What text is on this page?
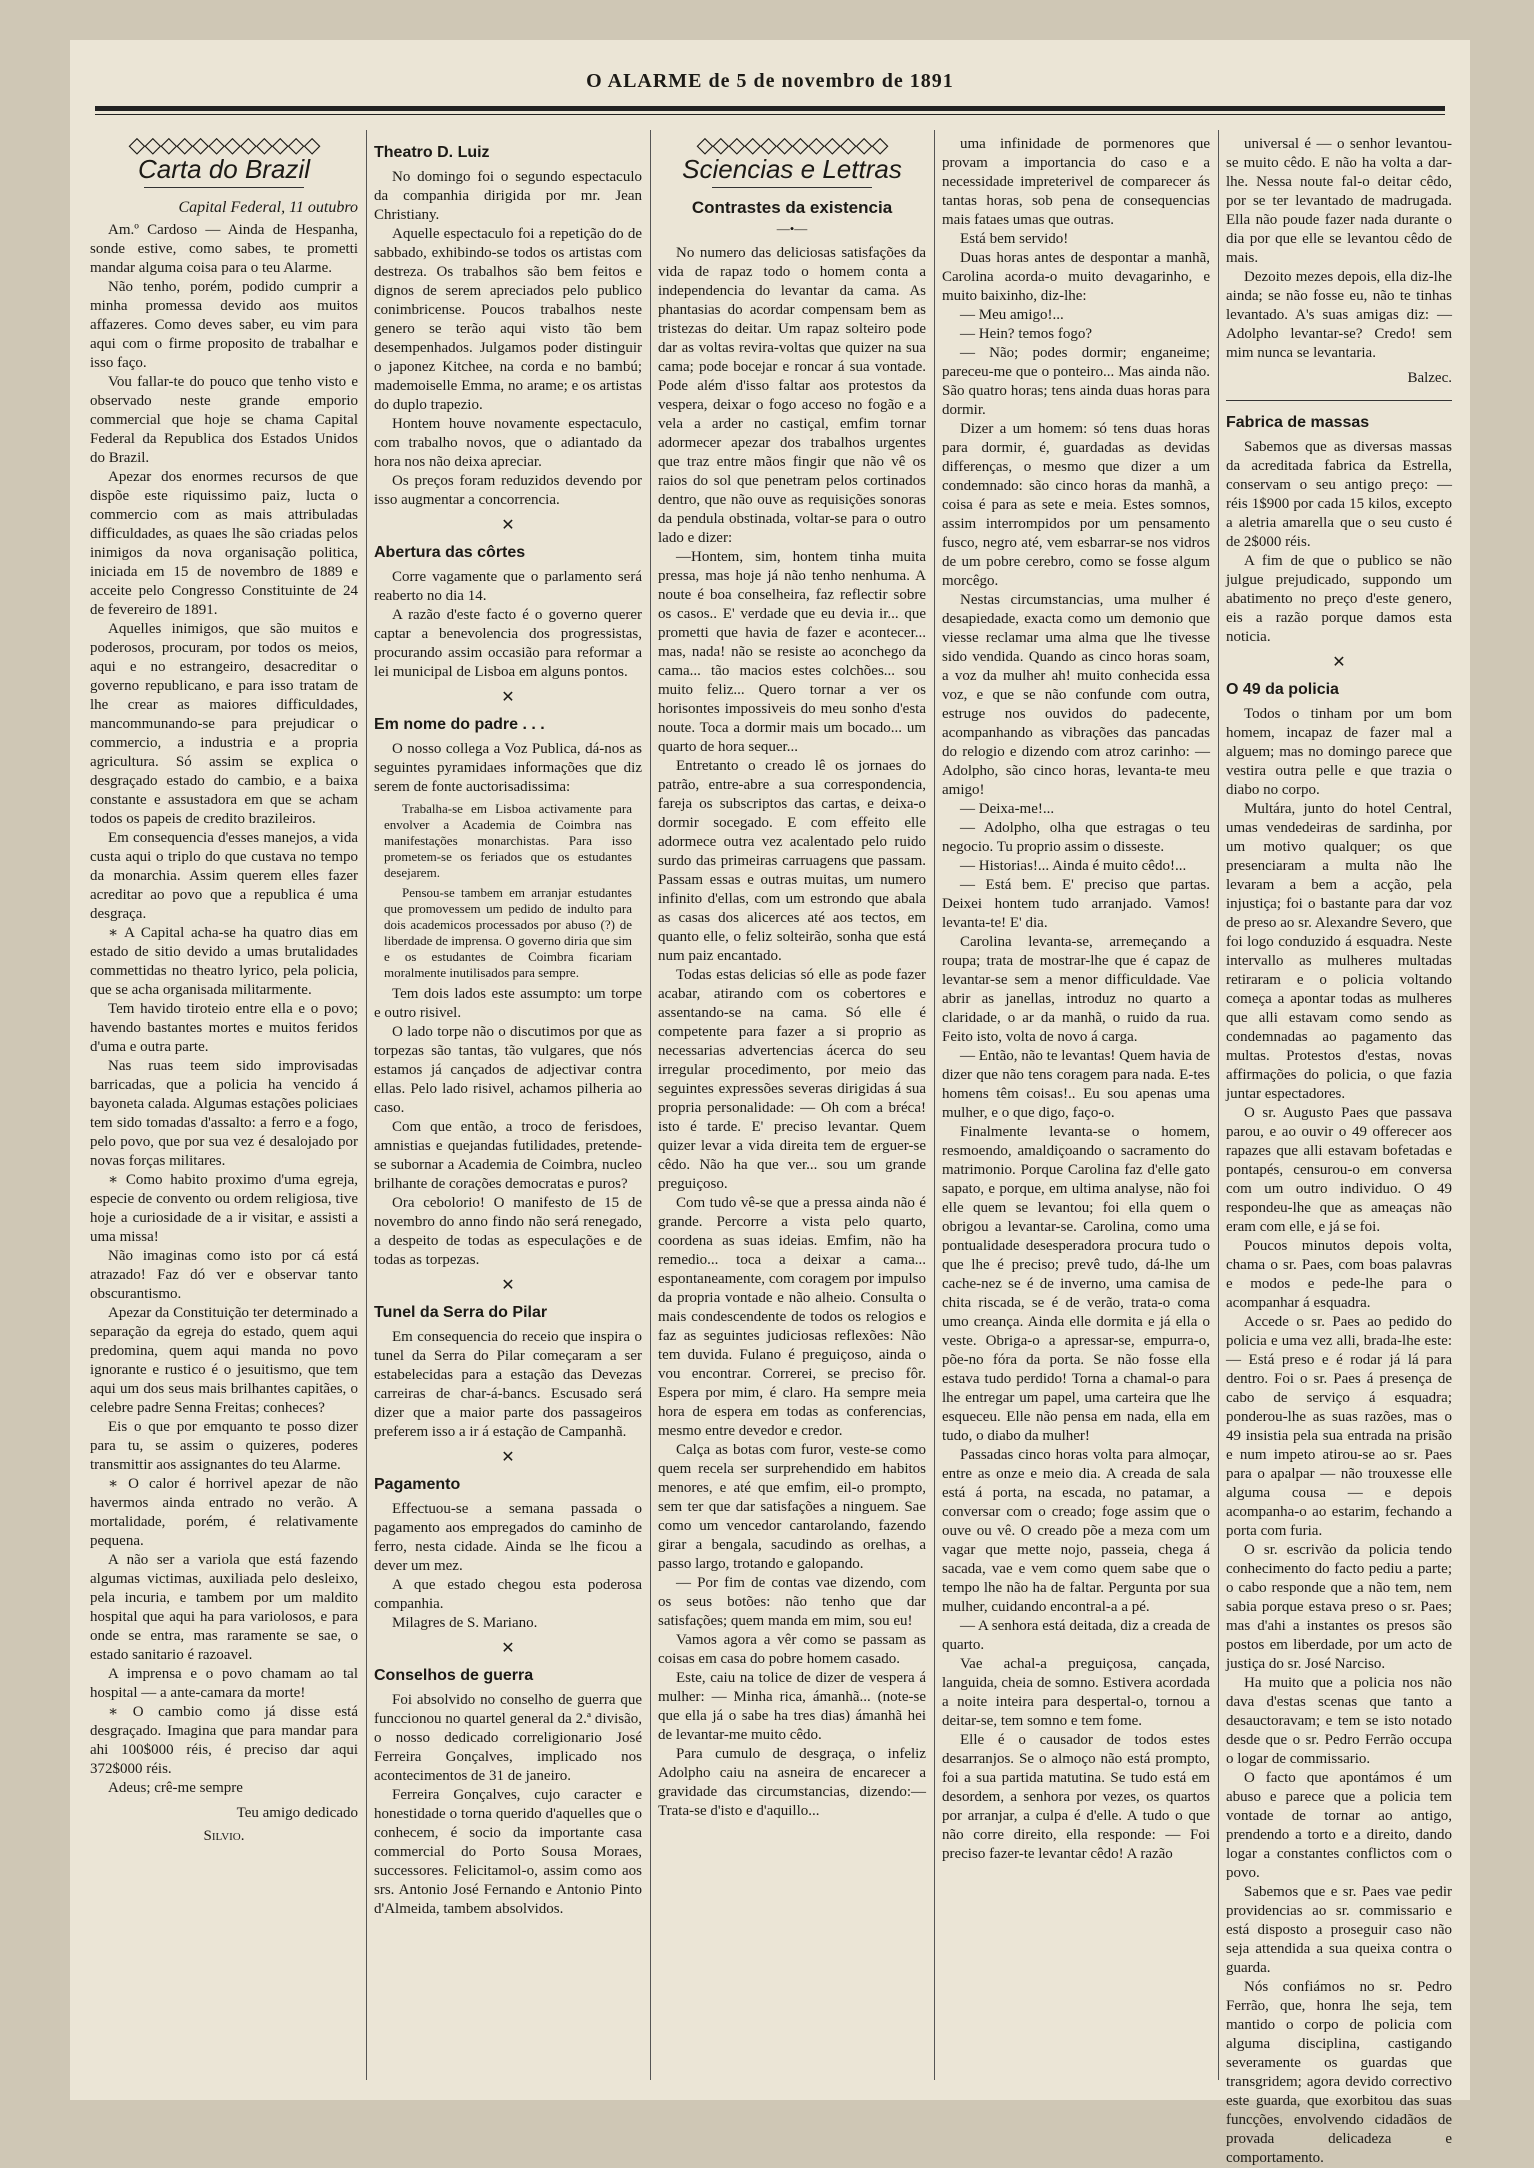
O ALARME de 5 de novembro de 1891
◇◇◇◇◇◇◇◇◇◇◇◇
Carta do Brazil
Capital Federal, 11 outubro

Am.º Cardoso — Ainda de Hespanha, sonde estive, como sabes, te prometti mandar alguma coisa para o teu Alarme.

Não tenho, porém, podido cumprir a minha promessa devido aos muitos affazeres. Como deves saber, eu vim para aqui com o firme proposito de trabalhar e isso faço.

Vou fallar-te do pouco que tenho visto e observado neste grande emporio commercial que hoje se chama Capital Federal da Republica dos Estados Unidos do Brazil.

Apezar dos enormes recursos de que dispõe este riquissimo paiz, lucta o commercio com as mais attribuladas difficuldades, as quaes lhe são criadas pelos inimigos da nova organisação politica, iniciada em 15 de novembro de 1889 e acceite pelo Congresso Constituinte de 24 de fevereiro de 1891.

Aquelles inimigos, que são muitos e poderosos, procuram, por todos os meios, aqui e no estrangeiro, desacreditar o governo republicano, e para isso tratam de lhe crear as maiores difficuldades, mancommunando-se para prejudicar o commercio, a industria e a propria agricultura. Só assim se explica o desgraçado estado do cambio, e a baixa constante e assustadora em que se acham todos os papeis de credito brazileiros.

Em consequencia d'esses manejos, a vida custa aqui o triplo do que custava no tempo da monarchia. Assim querem elles fazer acreditar ao povo que a republica é uma desgraça.

∗ A Capital acha-se ha quatro dias em estado de sitio devido a umas brutalidades commettidas no theatro lyrico, pela policia, que se acha organisada militarmente.

Tem havido tiroteio entre ella e o povo; havendo bastantes mortes e muitos feridos d'uma e outra parte.

Nas ruas teem sido improvisadas barricadas, que a policia ha vencido á bayoneta calada. Algumas estações policiaes tem sido tomadas d'assalto: a ferro e a fogo, pelo povo, que por sua vez é desalojado por novas forças militares.

∗ Como habito proximo d'uma egreja, especie de convento ou ordem religiosa, tive hoje a curiosidade de a ir visitar, e assisti a uma missa!

Não imaginas como isto por cá está atrazado! Faz dó ver e observar tanto obscurantismo.

Apezar da Constituição ter determinado a separação da egreja do estado, quem aqui predomina, quem aqui manda no povo ignorante e rustico é o jesuitismo, que tem aqui um dos seus mais brilhantes capitães, o celebre padre Senna Freitas; conheces?

Eis o que por emquanto te posso dizer para tu, se assim o quizeres, poderes transmittir aos assignantes do teu Alarme.

∗ O calor é horrivel apezar de não havermos ainda entrado no verão. A mortalidade, porém, é relativamente pequena.

A não ser a variola que está fazendo algumas victimas, auxiliada pelo desleixo, pela incuria, e tambem por um maldito hospital que aqui ha para variolosos, e para onde se entra, mas raramente se sae, o estado sanitario é razoavel.

A imprensa e o povo chamam ao tal hospital — a ante-camara da morte!

∗ O cambio como já disse está desgraçado. Imagina que para mandar para ahi 100$000 réis, é preciso dar aqui 372$000 réis.

Adeus; crê-me sempre

Teu amigo dedicado
Silvio.
Theatro D. Luiz

No domingo foi o segundo espectaculo da companhia dirigida por mr. Jean Christiany.

Aquelle espectaculo foi a repetição do de sabbado, exhibindo-se todos os artistas com destreza. Os trabalhos são bem feitos e dignos de serem apreciados pelo publico conimbricense. Poucos trabalhos neste genero se terão aqui visto tão bem desempenhados. Julgamos poder distinguir o japonez Kitchee, na corda e no bambú; mademoiselle Emma, no arame; e os artistas do duplo trapezio.

Hontem houve novamente espectaculo, com trabalho novos, que o adiantado da hora nos não deixa apreciar.

Os preços foram reduzidos devendo por isso augmentar a concorrencia.

✕
Abertura das côrtes

Corre vagamente que o parlamento será reaberto no dia 14.

A razão d'este facto é o governo querer captar a benevolencia dos progressistas, procurando assim occasião para reformar a lei municipal de Lisboa em alguns pontos.

✕
Em nome do padre . . .

O nosso collega a Voz Publica, dá-nos as seguintes pyramidaes informações que diz serem de fonte auctorisadissima:

Trabalha-se em Lisboa activamente para envolver a Academia de Coimbra nas manifestações monarchistas. Para isso prometem-se os feriados que os estudantes desejarem.

Pensou-se tambem em arranjar estudantes que promovessem um pedido de indulto para dois academicos processados por abuso (?) de liberdade de imprensa. O governo diria que sim e os estudantes de Coimbra ficariam moralmente inutilisados para sempre.

Tem dois lados este assumpto: um torpe e outro risivel.

O lado torpe não o discutimos por que as torpezas são tantas, tão vulgares, que nós estamos já cançados de adjectivar contra ellas. Pelo lado risivel, achamos pilheria ao caso.

Com que então, a troco de ferisdoes, amnistias e quejandas futilidades, pretende-se subornar a Academia de Coimbra, nucleo brilhante de corações democratas e puros?

Ora cebolorio! O manifesto de 15 de novembro do anno findo não será renegado, a despeito de todas as especulações e de todas as torpezas.

✕
Tunel da Serra do Pilar

Em consequencia do receio que inspira o tunel da Serra do Pilar começaram a ser estabelecidas para a estação das Devezas carreiras de char-á-bancs. Escusado será dizer que a maior parte dos passageiros preferem isso a ir á estação de Campanhã.

✕
Pagamento

Effectuou-se a semana passada o pagamento aos empregados do caminho de ferro, nesta cidade. Ainda se lhe ficou a dever um mez.

A que estado chegou esta poderosa companhia.

Milagres de S. Mariano.

✕
Conselhos de guerra

Foi absolvido no conselho de guerra que funccionou no quartel general da 2.ª divisão, o nosso dedicado correligionario José Ferreira Gonçalves, implicado nos acontecimentos de 31 de janeiro.

Ferreira Gonçalves, cujo caracter e honestidade o torna querido d'aquelles que o conhecem, é socio da importante casa commercial do Porto Sousa Moraes, successores. Felicitamol-o, assim como aos srs. Antonio José Fernando e Antonio Pinto d'Almeida, tambem absolvidos.

◇◇◇◇◇◇◇◇◇◇◇◇
Sciencias e Lettras
Contrastes da existencia
—•—

No numero das deliciosas satisfações da vida de rapaz todo o homem conta a independencia do levantar da cama. As phantasias do acordar compensam bem as tristezas do deitar. Um rapaz solteiro pode dar as voltas revira-voltas que quizer na sua cama; pode bocejar e roncar á sua vontade. Pode além d'isso faltar aos protestos da vespera, deixar o fogo acceso no fogão e a vela a arder no castiçal, emfim tornar adormecer apezar dos trabalhos urgentes que traz entre mãos fingir que não vê os raios do sol que penetram pelos cortinados dentro, que não ouve as requisições sonoras da pendula obstinada, voltar-se para o outro lado e dizer:

—Hontem, sim, hontem tinha muita pressa, mas hoje já não tenho nenhuma. A noute é boa conselheira, faz reflectir sobre os casos.. E' verdade que eu devia ir... que prometti que havia de fazer e acontecer... mas, nada! não se resiste ao aconchego da cama... tão macios estes colchões... sou muito feliz... Quero tornar a ver os horisontes impossiveis do meu sonho d'esta noute. Toca a dormir mais um bocado... um quarto de hora sequer...

Entretanto o creado lê os jornaes do patrão, entre-abre a sua correspondencia, fareja os subscriptos das cartas, e deixa-o dormir socegado. E com effeito elle adormece outra vez acalentado pelo ruido surdo das primeiras carruagens que passam. Passam essas e outras muitas, um numero infinito d'ellas, com um estrondo que abala as casas dos alicerces até aos tectos, em quanto elle, o feliz solteirão, sonha que está num paiz encantado.

Todas estas delicias só elle as pode fazer acabar, atirando com os cobertores e assentando-se na cama. Só elle é competente para fazer a si proprio as necessarias advertencias ácerca do seu irregular procedimento, por meio das seguintes expressões severas dirigidas á sua propria personalidade: — Oh com a bréca! isto é tarde. E' preciso levantar. Quem quizer levar a vida direita tem de erguer-se cêdo. Não ha que ver... sou um grande preguiçoso.

Com tudo vê-se que a pressa ainda não é grande. Percorre a vista pelo quarto, coordena as suas ideias. Emfim, não ha remedio... toca a deixar a cama... espontaneamente, com coragem por impulso da propria vontade e não alheio. Consulta o mais condescendente de todos os relogios e faz as seguintes judiciosas reflexões: Não tem duvida. Fulano é preguiçoso, ainda o vou encontrar. Correrei, se preciso fôr. Espera por mim, é claro. Ha sempre meia hora de espera em todas as conferencias, mesmo entre devedor e credor.

Calça as botas com furor, veste-se como quem recela ser surprehendido em habitos menores, e até que emfim, eil-o prompto, sem ter que dar satisfações a ninguem. Sae como um vencedor cantarolando, fazendo girar a bengala, sacudindo as orelhas, a passo largo, trotando e galopando.

— Por fim de contas vae dizendo, com os seus botões: não tenho que dar satisfações; quem manda em mim, sou eu!

Vamos agora a vêr como se passam as coisas em casa do pobre homem casado.

Este, caiu na tolice de dizer de vespera á mulher: — Minha rica, ámanhã... (note-se que ella já o sabe ha tres dias) ámanhã hei de levantar-me muito cêdo.

Para cumulo de desgraça, o infeliz Adolpho caiu na asneira de encarecer a gravidade das circumstancias, dizendo:—Trata-se d'isto e d'aquillo...

uma infinidade de pormenores que provam a importancia do caso e a necessidade impreterivel de comparecer ás tantas horas, sob pena de consequencias mais fataes umas que outras.

Está bem servido!

Duas horas antes de despontar a manhã, Carolina acorda-o muito devagarinho, e muito baixinho, diz-lhe:

— Meu amigo!...

— Hein? temos fogo?

— Não; podes dormir; enganeime; pareceu-me que o ponteiro... Mas ainda não. São quatro horas; tens ainda duas horas para dormir.

Dizer a um homem: só tens duas horas para dormir, é, guardadas as devidas differenças, o mesmo que dizer a um condemnado: são cinco horas da manhã, a coisa é para as sete e meia. Estes somnos, assim interrompidos por um pensamento fusco, negro até, vem esbarrar-se nos vidros de um pobre cerebro, como se fosse algum morcêgo.

Nestas circumstancias, uma mulher é desapiedade, exacta como um demonio que viesse reclamar uma alma que lhe tivesse sido vendida. Quando as cinco horas soam, a voz da mulher ah! muito conhecida essa voz, e que se não confunde com outra, estruge nos ouvidos do padecente, acompanhando as vibrações das pancadas do relogio e dizendo com atroz carinho: — Adolpho, são cinco horas, levanta-te meu amigo!

— Deixa-me!...

— Adolpho, olha que estragas o teu negocio. Tu proprio assim o disseste.

— Historias!... Ainda é muito cêdo!...

— Está bem. E' preciso que partas. Deixei hontem tudo arranjado. Vamos! levanta-te! E' dia.

Carolina levanta-se, arremeçando a roupa; trata de mostrar-lhe que é capaz de levantar-se sem a menor difficuldade. Vae abrir as janellas, introduz no quarto a claridade, o ar da manhã, o ruido da rua. Feito isto, volta de novo á carga.

— Então, não te levantas! Quem havia de dizer que não tens coragem para nada. E-tes homens têm coisas!.. Eu sou apenas uma mulher, e o que digo, faço-o.

Finalmente levanta-se o homem, resmoendo, amaldiçoando o sacramento do matrimonio. Porque Carolina faz d'elle gato sapato, e porque, em ultima analyse, não foi elle quem se levantou; foi ella quem o obrigou a levantar-se. Carolina, como uma pontualidade desesperadora procura tudo o que lhe é preciso; prevê tudo, dá-lhe um cache-nez se é de inverno, uma camisa de chita riscada, se é de verão, trata-o coma umo creança. Ainda elle dormita e já ella o veste. Obriga-o a apressar-se, empurra-o, põe-no fóra da porta. Se não fosse ella estava tudo perdido! Torna a chamal-o para lhe entregar um papel, uma carteira que lhe esqueceu. Elle não pensa em nada, ella em tudo, o diabo da mulher!

Passadas cinco horas volta para almoçar, entre as onze e meio dia. A creada de sala está á porta, na escada, no patamar, a conversar com o creado; foge assim que o ouve ou vê. O creado põe a meza com um vagar que mette nojo, passeia, chega á sacada, vae e vem como quem sabe que o tempo lhe não ha de faltar. Pergunta por sua mulher, cuidando encontral-a a pé.

— A senhora está deitada, diz a creada de quarto.

Vae achal-a preguiçosa, cançada, languida, cheia de somno. Estivera acordada a noite inteira para despertal-o, tornou a deitar-se, tem somno e tem fome.

Elle é o causador de todos estes desarranjos. Se o almoço não está prompto, foi a sua partida matutina. Se tudo está em desordem, a senhora por vezes, os quartos por arranjar, a culpa é d'elle. A tudo o que não corre direito, ella responde: — Foi preciso fazer-te levantar cêdo! A razão

universal é — o senhor levantou-se muito cêdo. E não ha volta a dar-lhe. Nessa noute fal-o deitar cêdo, por se ter levantado de madrugada. Ella não poude fazer nada durante o dia por que elle se levantou cêdo de mais.

Dezoito mezes depois, ella diz-lhe ainda; se não fosse eu, não te tinhas levantado. A's suas amigas diz: — Adolpho levantar-se? Credo! sem mim nunca se levantaria.

Balzec.
Fabrica de massas

Sabemos que as diversas massas da acreditada fabrica da Estrella, conservam o seu antigo preço: — réis 1$900 por cada 15 kilos, excepto a aletria amarella que o seu custo é de 2$000 réis.

A fim de que o publico se não julgue prejudicado, suppondo um abatimento no preço d'este genero, eis a razão porque damos esta noticia.

✕
O 49 da policia

Todos o tinham por um bom homem, incapaz de fazer mal a alguem; mas no domingo parece que vestira outra pelle e que trazia o diabo no corpo.

Multára, junto do hotel Central, umas vendedeiras de sardinha, por um motivo qualquer; os que presenciaram a multa não lhe levaram a bem a acção, pela injustiça; foi o bastante para dar voz de preso ao sr. Alexandre Severo, que foi logo conduzido á esquadra. Neste intervallo as mulheres multadas retiraram e o policia voltando começa a apontar todas as mulheres que alli estavam como sendo as condemnadas ao pagamento das multas. Protestos d'estas, novas affirmações do policia, o que fazia juntar espectadores.

O sr. Augusto Paes que passava parou, e ao ouvir o 49 offerecer aos rapazes que alli estavam bofetadas e pontapés, censurou-o em conversa com um outro individuo. O 49 respondeu-lhe que as ameaças não eram com elle, e já se foi.

Poucos minutos depois volta, chama o sr. Paes, com boas palavras e modos e pede-lhe para o acompanhar á esquadra.

Accede o sr. Paes ao pedido do policia e uma vez alli, brada-lhe este: — Está preso e é rodar já lá para dentro. Foi o sr. Paes á presença de cabo de serviço á esquadra; ponderou-lhe as suas razões, mas o 49 insistia pela sua entrada na prisão e num impeto atirou-se ao sr. Paes para o apalpar — não trouxesse elle alguma cousa — e depois acompanha-o ao estarim, fechando a porta com furia.

O sr. escrivão da policia tendo conhecimento do facto pediu a parte; o cabo responde que a não tem, nem sabia porque estava preso o sr. Paes; mas d'ahi a instantes os presos são postos em liberdade, por um acto de justiça do sr. José Narciso.

Ha muito que a policia nos não dava d'estas scenas que tanto a desauctoravam; e tem se isto notado desde que o sr. Pedro Ferrão occupa o logar de commissario.

O facto que apontámos é um abuso e parece que a policia tem vontade de tornar ao antigo, prendendo a torto e a direito, dando logar a constantes conflictos com o povo.

Sabemos que e sr. Paes vae pedir providencias ao sr. commissario e está disposto a proseguir caso não seja attendida a sua queixa contra o guarda.

Nós confiámos no sr. Pedro Ferrão, que, honra lhe seja, tem mantido o corpo de policia com alguma disciplina, castigando severamente os guardas que transgridem; agora devido correctivo este guarda, que exorbitou das suas funcções, envolvendo cidadãos de provada delicadeza e comportamento.
